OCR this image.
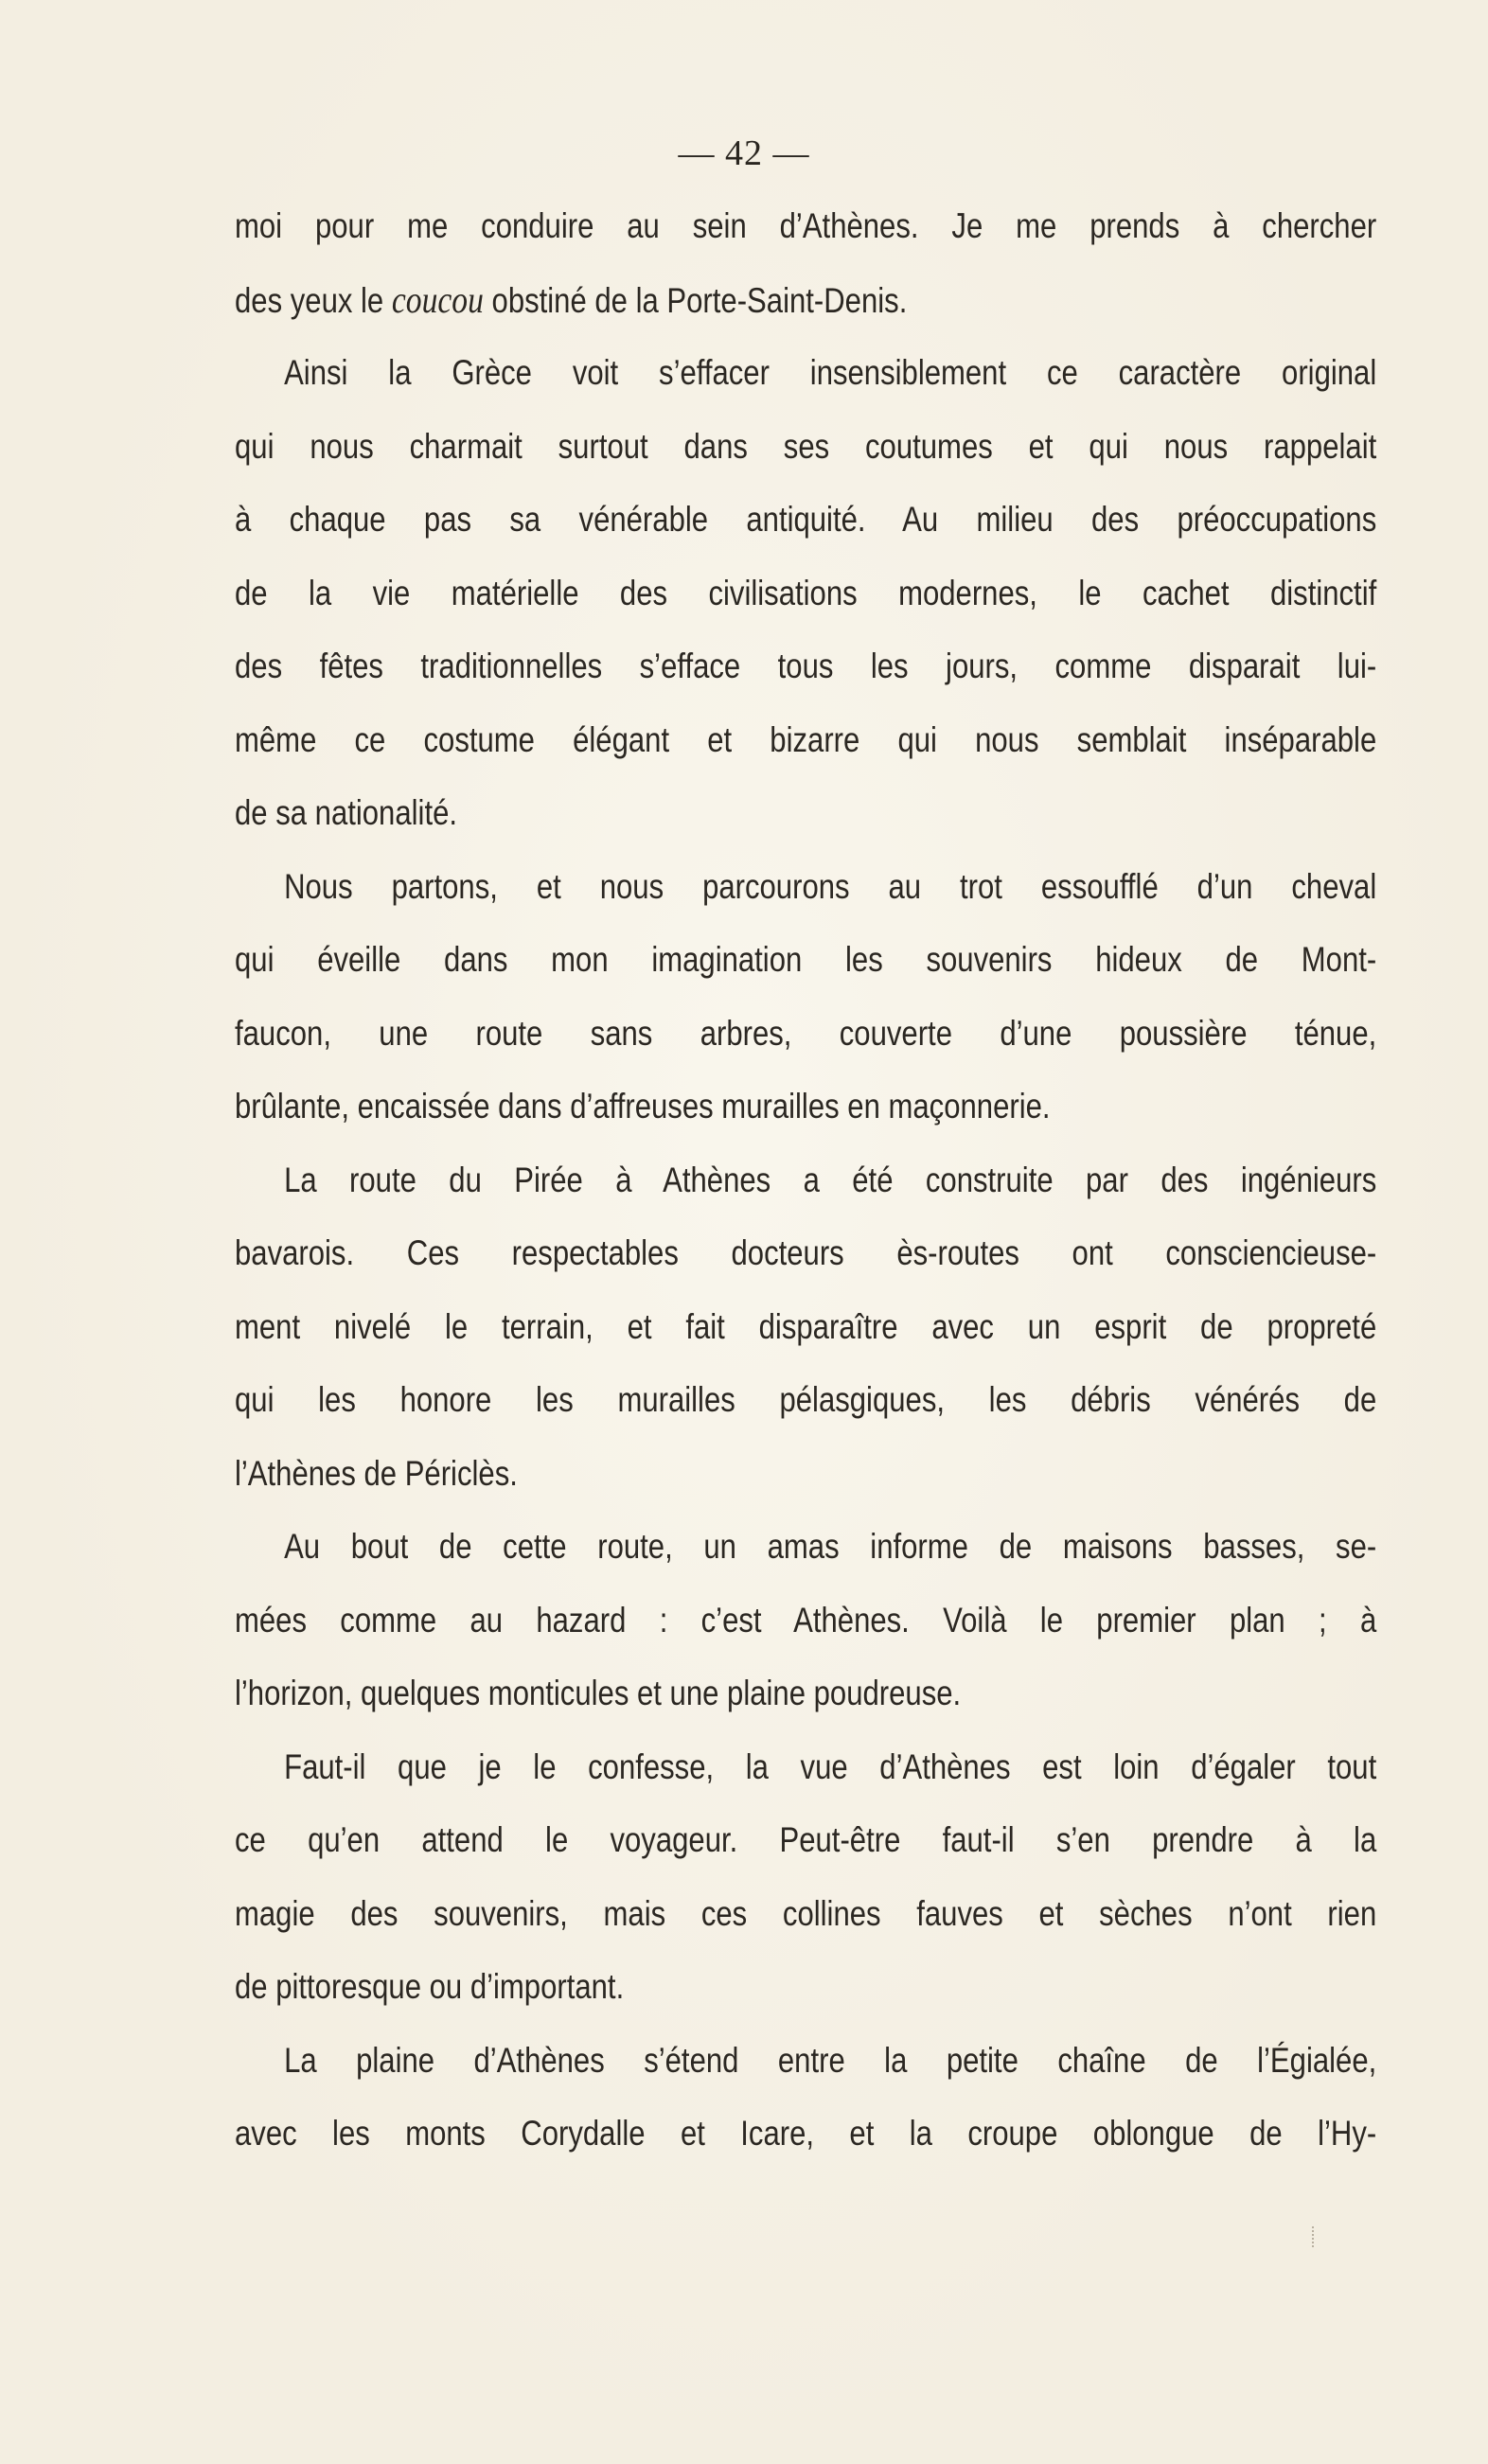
— 42 —
moi pour me conduire au sein d’Athènes. Je me prends à chercher
des yeux le coucou obstiné de la Porte-Saint-Denis.
Ainsi la Grèce voit s’effacer insensiblement ce caractère original
qui nous charmait surtout dans ses coutumes et qui nous rappelait
à chaque pas sa vénérable antiquité. Au milieu des préoccupations
de la vie matérielle des civilisations modernes, le cachet distinctif
des fêtes traditionnelles s’efface tous les jours, comme disparait lui-
même ce costume élégant et bizarre qui nous semblait inséparable
de sa nationalité.
Nous partons, et nous parcourons au trot essoufflé d’un cheval
qui éveille dans mon imagination les souvenirs hideux de Mont-
faucon, une route sans arbres, couverte d’une poussière ténue,
brûlante, encaissée dans d’affreuses murailles en maçonnerie.
La route du Pirée à Athènes a été construite par des ingénieurs
bavarois. Ces respectables docteurs ès-routes ont consciencieuse-
ment nivelé le terrain, et fait disparaître avec un esprit de propreté
qui les honore les murailles pélasgiques, les débris vénérés de
l’Athènes de Périclès.
Au bout de cette route, un amas informe de maisons basses, se-
mées comme au hazard : c’est Athènes. Voilà le premier plan ; à
l’horizon, quelques monticules et une plaine poudreuse.
Faut-il que je le confesse, la vue d’Athènes est loin d’égaler tout
ce qu’en attend le voyageur. Peut-être faut-il s’en prendre à la
magie des souvenirs, mais ces collines fauves et sèches n’ont rien
de pittoresque ou d’important.
La plaine d’Athènes s’étend entre la petite chaîne de l’Égialée,
avec les monts Corydalle et Icare, et la croupe oblongue de l’Hy-
